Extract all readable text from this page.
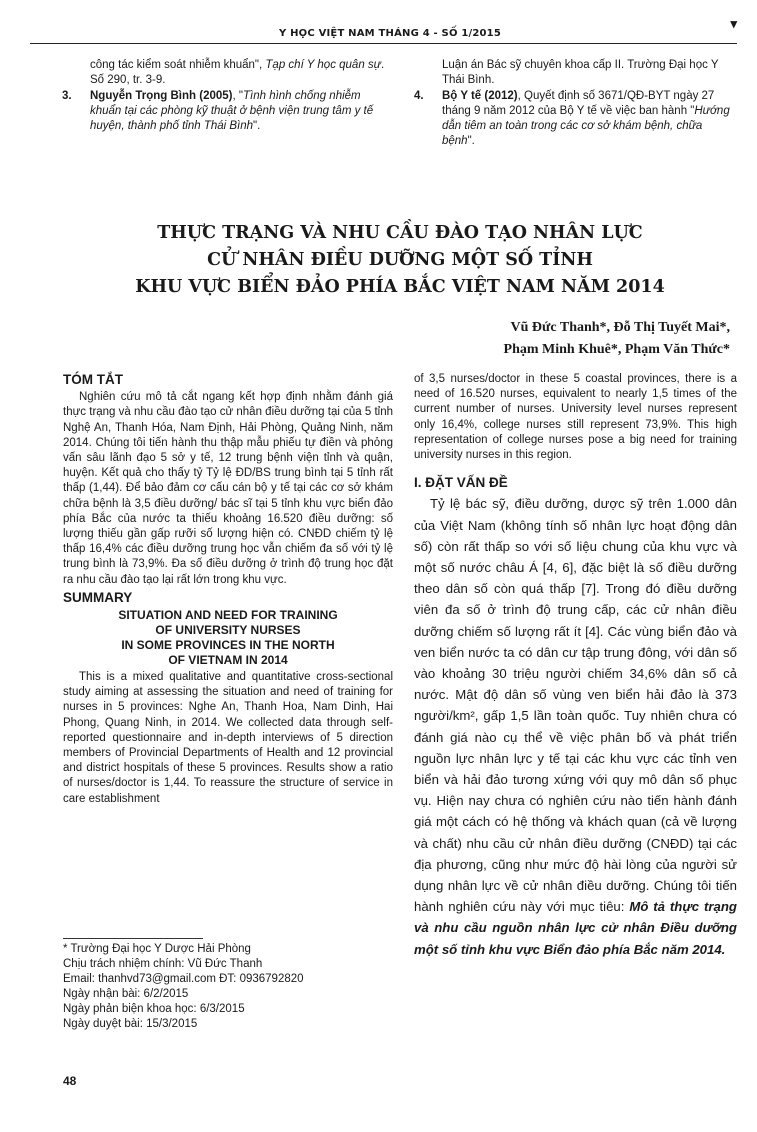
Y HỌC VIỆT NAM THÁNG 4 - SỐ 1/2015
▾
công tác kiểm soát nhiễm khuẩn", Tạp chí Y học quân sự. Số 290, tr. 3-9.
3. Nguyễn Trọng Bình (2005), "Tình hình chống nhiễm khuẩn tại các phòng kỹ thuật ở bệnh viện trung tâm y tế huyện, thành phố tỉnh Thái Bình".
Luận án Bác sỹ chuyên khoa cấp II. Trường Đại học Y Thái Bình.
4. Bộ Y tế (2012), Quyết định số 3671/QĐ-BYT ngày 27 tháng 9 năm 2012 của Bộ Y tế về việc ban hành "Hướng dẫn tiêm an toàn trong các cơ sở khám bệnh, chữa bệnh".
THỰC TRẠNG VÀ NHU CẦU ĐÀO TẠO NHÂN LỰC
CỬ NHÂN ĐIỀU DƯỠNG MỘT SỐ TỈNH
KHU VỰC BIỂN ĐẢO PHÍA BẮC VIỆT NAM NĂM 2014
Vũ Đức Thanh*, Đỗ Thị Tuyết Mai*,
Phạm Minh Khuê*, Phạm Văn Thức*
TÓM TẮT

Nghiên cứu mô tả cắt ngang kết hợp định nhằm đánh giá thực trạng và nhu cầu đào tạo cử nhân điều dưỡng tại của 5 tỉnh Nghệ An, Thanh Hóa, Nam Định, Hải Phòng, Quảng Ninh, năm 2014. Chúng tôi tiến hành thu thập mẫu phiếu tự điền và phỏng vấn sâu lãnh đạo 5 sở y tế, 12 trung bệnh viện tỉnh và quận, huyện. Kết quả cho thấy tỷ Tỷ lệ ĐD/BS trung bình tại 5 tỉnh rất thấp (1,44). Để bảo đảm cơ cấu cán bộ y tế tại các cơ sở khám chữa bệnh là 3,5 điều dưỡng/ bác sĩ tại 5 tỉnh khu vực biển đảo phía Bắc của nước ta thiếu khoảng 16.520 điều dưỡng: số lượng thiếu gần gấp rưỡi số lượng hiện có. CNĐD chiếm tỷ lệ thấp 16,4% các điều dưỡng trung học vẫn chiếm đa số với tỷ lệ trung bình là 73,9%. Đa số điều dưỡng ở trình độ trung học đặt ra nhu cầu đào tạo lại rất lớn trong khu vực.

SUMMARY
SITUATION AND NEED FOR TRAINING
OF UNIVERSITY NURSES
IN SOME PROVINCES IN THE NORTH
OF VIETNAM IN 2014

This is a mixed qualitative and quantitative cross-sectional study aiming at assessing the situation and need of training for nurses in 5 provinces: Nghe An, Thanh Hoa, Nam Dinh, Hai Phong, Quang Ninh, in 2014. We collected data through self-reported questionnaire and in-depth interviews of 5 direction members of Provincial Departments of Health and 12 provincial and district hospitals of these 5 provinces. Results show a ratio of nurses/doctor is 1,44. To reassure the structure of service in care establishment

of 3,5 nurses/doctor in these 5 coastal provinces, there is a need of 16.520 nurses, equivalent to nearly 1,5 times of the current number of nurses. University level nurses represent only 16,4%, college nurses still represent 73,9%. This high representation of college nurses pose a big need for training university nurses in this region.

I. ĐẶT VẤN ĐỀ

Tỷ lệ bác sỹ, điều dưỡng, dược sỹ trên 1.000 dân của Việt Nam (không tính số nhân lực hoạt động dân số) còn rất thấp so với số liệu chung của khu vực và một số nước châu Á [4, 6], đặc biệt là số điều dưỡng theo dân số còn quá thấp [7]. Trong đó điều dưỡng viên đa số ở trình độ trung cấp, các cử nhân điều dưỡng chiếm số lượng rất ít [4]. Các vùng biển đảo và ven biển nước ta có dân cư tập trung đông, với dân số vào khoảng 30 triệu người chiếm 34,6% dân số cả nước. Mật độ dân số vùng ven biển hải đảo là 373 người/km², gấp 1,5 lần toàn quốc. Tuy nhiên chưa có đánh giá nào cụ thể về việc phân bố và phát triển nguồn lực nhân lực y tế tại các khu vực các tỉnh ven biển và hải đảo tương xứng với quy mô dân số phục vụ. Hiện nay chưa có nghiên cứu nào tiến hành đánh giá một cách có hệ thống và khách quan (cả về lượng và chất) nhu cầu cử nhân điều dưỡng (CNĐD) tại các địa phương, cũng như mức độ hài lòng của người sử dụng nhân lực về cử nhân điều dưỡng. Chúng tôi tiến hành nghiên cứu này với mục tiêu: Mô tả thực trạng và nhu cầu nguồn nhân lực cử nhân Điều dưỡng một số tỉnh khu vực Biển đảo phía Bắc năm 2014.

* Trường Đại học Y Dược Hải Phòng
Chịu trách nhiệm chính: Vũ Đức Thanh
Email: thanhvd73@gmail.com ĐT: 0936792820
Ngày nhận bài: 6/2/2015
Ngày phản biện khoa học: 6/3/2015
Ngày duyệt bài: 15/3/2015
48
